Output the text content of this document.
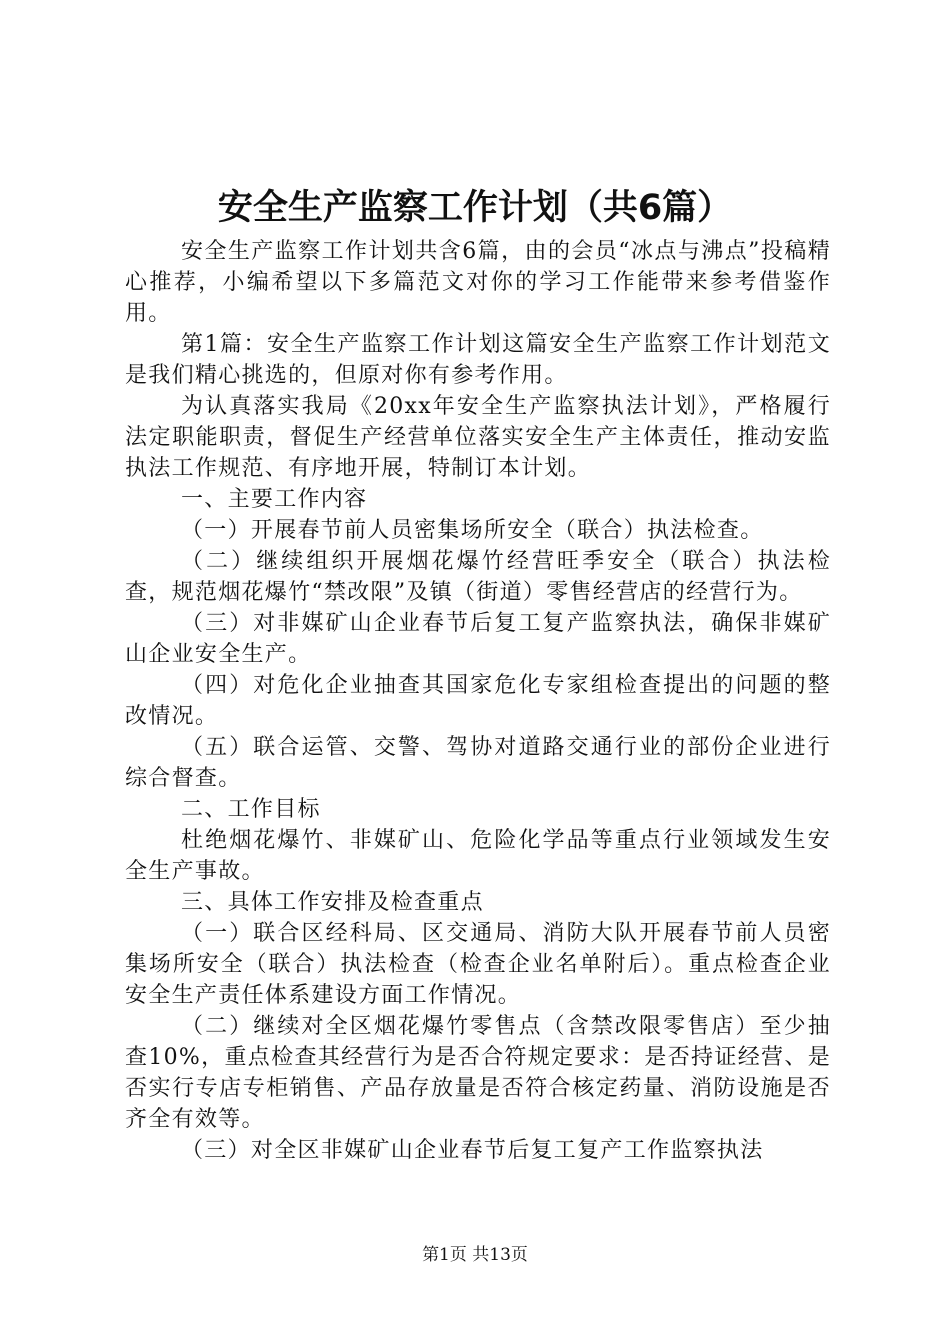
安全生产监察工作计划（共6篇）

安全生产监察工作计划共含6篇，由的会员“冰点与沸点”投稿精心推荐，小编希望以下多篇范文对你的学习工作能带来参考借鉴作用。

第1篇：安全生产监察工作计划这篇安全生产监察工作计划范文是我们精心挑选的，但原对你有参考作用。

为认真落实我局《20xx年安全生产监察执法计划》，严格履行法定职能职责，督促生产经营单位落实安全生产主体责任，推动安监执法工作规范、有序地开展，特制订本计划。

一、主要工作内容

（一）开展春节前人员密集场所安全（联合）执法检查。

（二）继续组织开展烟花爆竹经营旺季安全（联合）执法检查，规范烟花爆竹“禁改限”及镇（街道）零售经营店的经营行为。

（三）对非媒矿山企业春节后复工复产监察执法，确保非媒矿山企业安全生产。

（四）对危化企业抽查其国家危化专家组检查提出的问题的整改情况。

（五）联合运管、交警、驾协对道路交通行业的部份企业进行综合督查。

二、工作目标

杜绝烟花爆竹、非媒矿山、危险化学品等重点行业领域发生安全生产事故。

三、具体工作安排及检查重点

（一）联合区经科局、区交通局、消防大队开展春节前人员密集场所安全（联合）执法检查（检查企业名单附后）。重点检查企业安全生产责任体系建设方面工作情况。

（二）继续对全区烟花爆竹零售点（含禁改限零售店）至少抽查10%，重点检查其经营行为是否合符规定要求：是否持证经营、是否实行专店专柜销售、产品存放量是否符合核定药量、消防设施是否齐全有效等。

（三）对全区非媒矿山企业春节后复工复产工作监察执法

第1页 共13页
